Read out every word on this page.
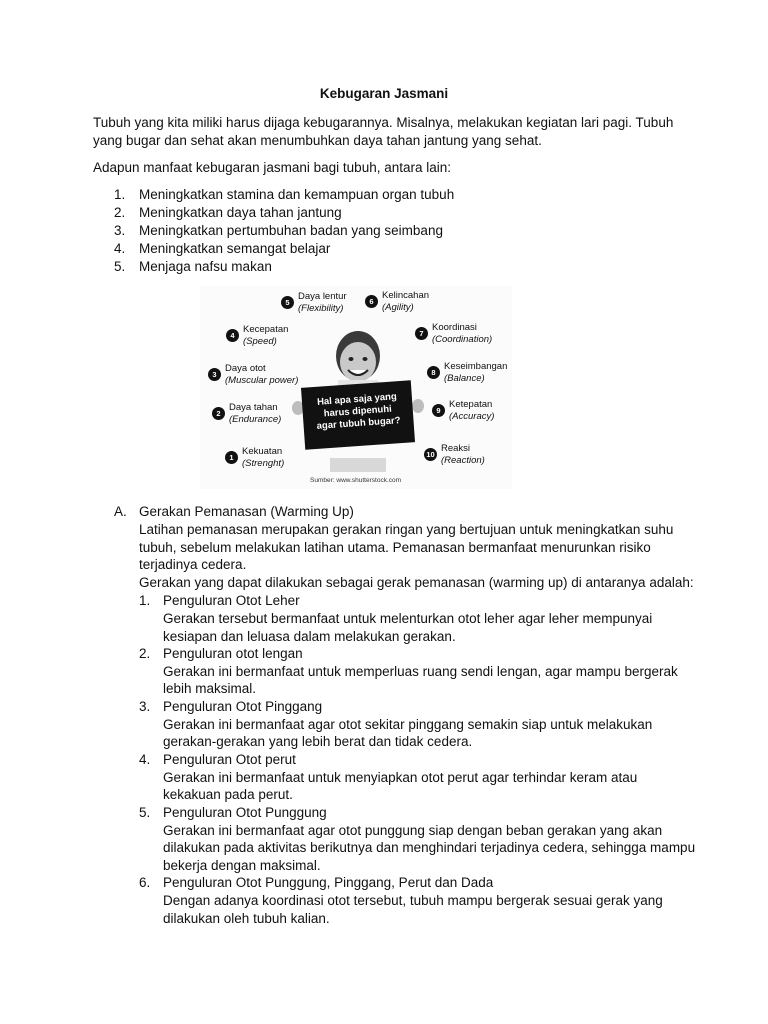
Kebugaran Jasmani
Tubuh yang kita miliki harus dijaga kebugarannya. Misalnya, melakukan kegiatan lari pagi. Tubuh yang bugar dan sehat akan menumbuhkan daya tahan jantung yang sehat.
Adapun manfaat kebugaran jasmani bagi tubuh, antara lain:
1. Meningkatkan stamina dan kemampuan organ tubuh
2. Meningkatkan daya tahan jantung
3. Meningkatkan pertumbuhan badan yang seimbang
4. Meningkatkan semangat belajar
5. Menjaga nafsu makan
Hal apa saja yang
harus dipenuhi
agar tubuh bugar?
1
Kekuatan
(Strenght)
2
Daya tahan
(Endurance)
3
Daya otot
(Muscular power)
4
Kecepatan
(Speed)
5
Daya lentur
(Flexibility)
6
Kelincahan
(Agility)
7
Koordinasi
(Coordination)
8
Keseimbangan
(Balance)
9
Ketepatan
(Accuracy)
10
Reaksi
(Reaction)
Sumber: www.shutterstock.com
A. Gerakan Pemanasan (Warming Up)
Latihan pemanasan merupakan gerakan ringan yang bertujuan untuk meningkatkan suhu
tubuh, sebelum melakukan latihan utama. Pemanasan bermanfaat menurunkan risiko
terjadinya cedera.
Gerakan yang dapat dilakukan sebagai gerak pemanasan (warming up) di antaranya adalah:
1. Penguluran Otot Leher
Gerakan tersebut bermanfaat untuk melenturkan otot leher agar leher mempunyai
kesiapan dan leluasa dalam melakukan gerakan.
2. Penguluran otot lengan
Gerakan ini bermanfaat untuk memperluas ruang sendi lengan, agar mampu bergerak
lebih maksimal.
3. Penguluran Otot Pinggang
Gerakan ini bermanfaat agar otot sekitar pinggang semakin siap untuk melakukan
gerakan-gerakan yang lebih berat dan tidak cedera.
4. Penguluran Otot perut
Gerakan ini bermanfaat untuk menyiapkan otot perut agar terhindar keram atau
kekakuan pada perut.
5. Penguluran Otot Punggung
Gerakan ini bermanfaat agar otot punggung siap dengan beban gerakan yang akan
dilakukan pada aktivitas berikutnya dan menghindari terjadinya cedera, sehingga mampu
bekerja dengan maksimal.
6. Penguluran Otot Punggung, Pinggang, Perut dan Dada
Dengan adanya koordinasi otot tersebut, tubuh mampu bergerak sesuai gerak yang
dilakukan oleh tubuh kalian.
